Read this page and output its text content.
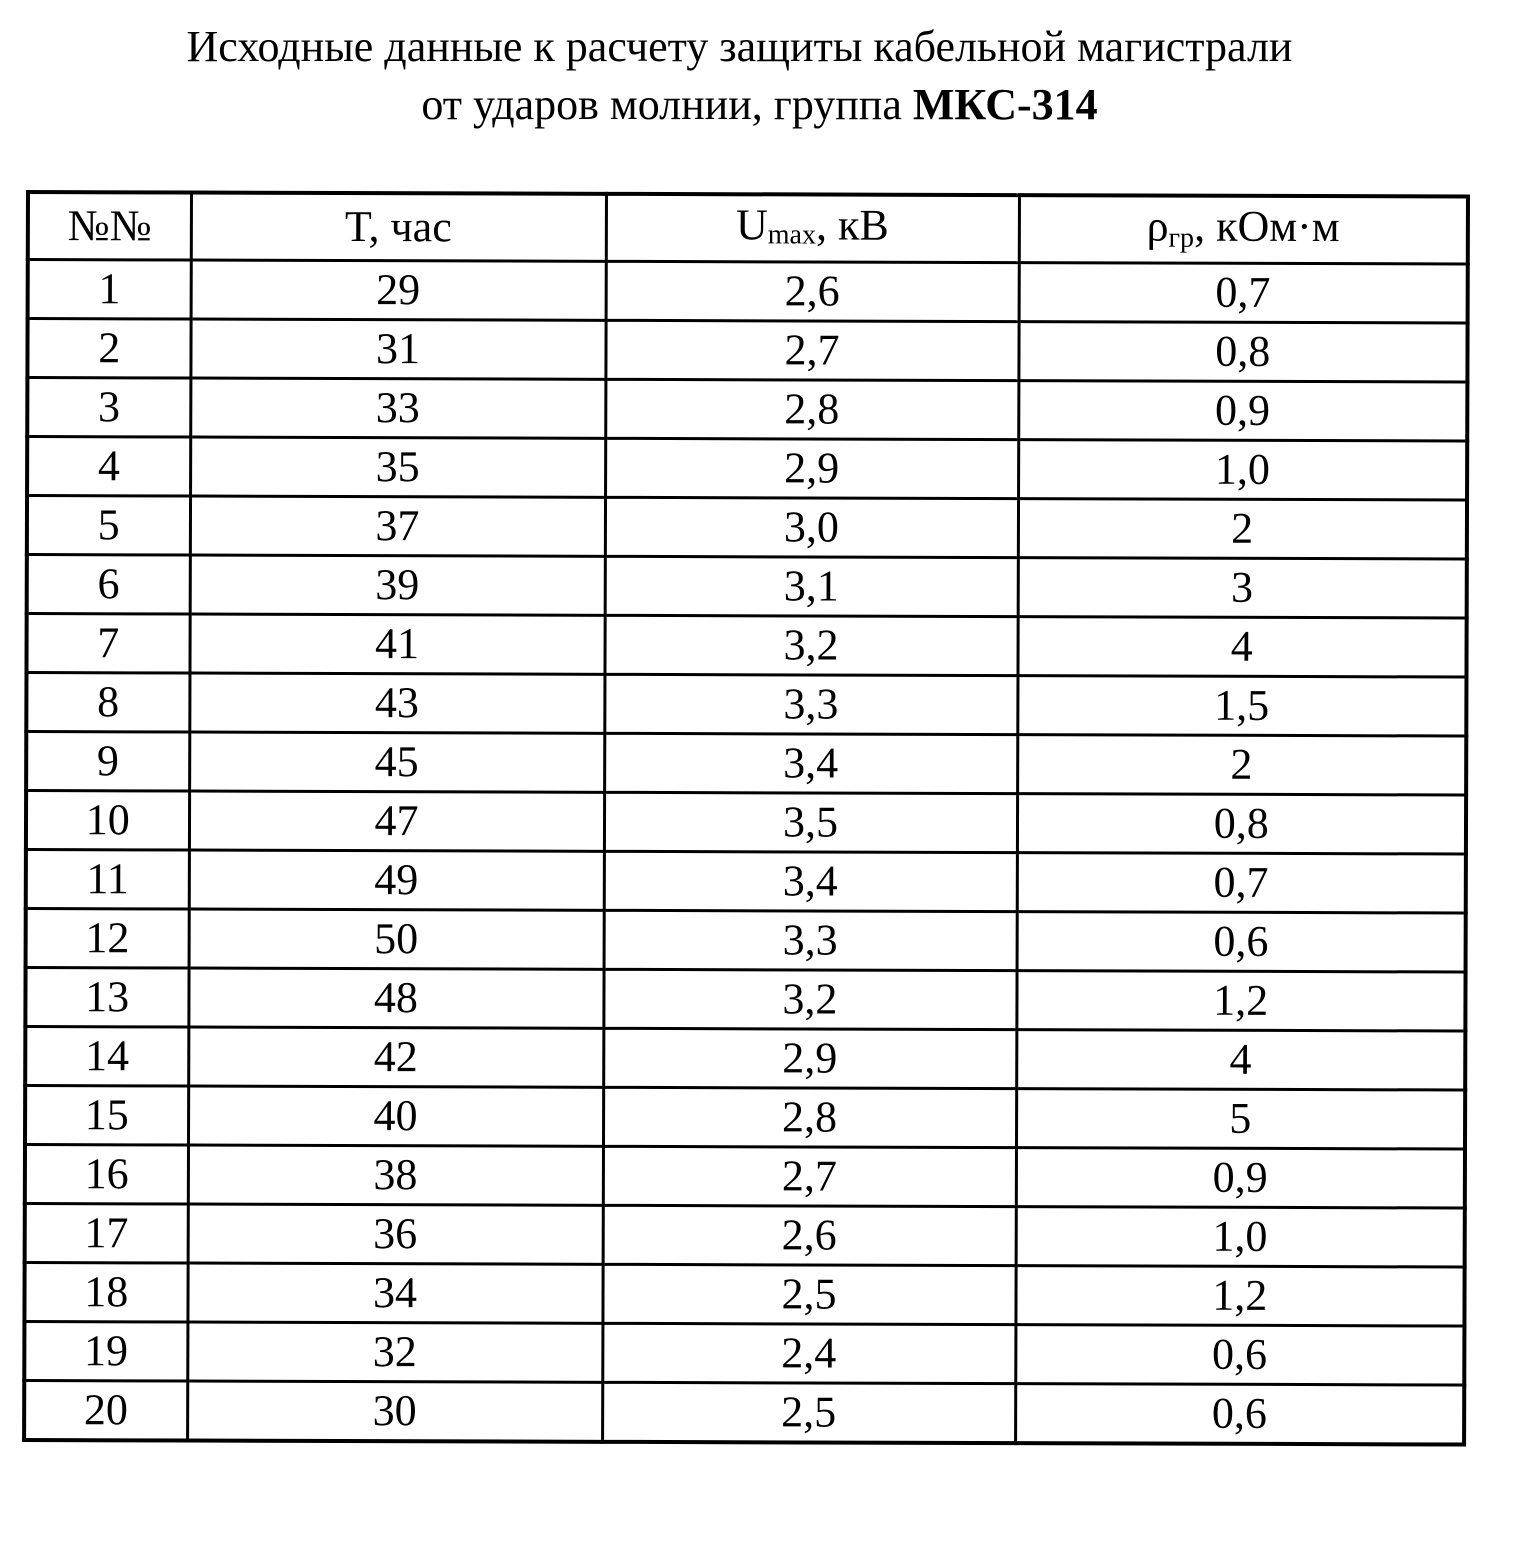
Исходные данные к расчету защиты кабельной магистрали
от ударов молнии, группа МКС-314
№№	T, час	Umax, кВ	ρгр, кОм·м
1	29	2,6	0,7
2	31	2,7	0,8
3	33	2,8	0,9
4	35	2,9	1,0
5	37	3,0	2
6	39	3,1	3
7	41	3,2	4
8	43	3,3	1,5
9	45	3,4	2
10	47	3,5	0,8
11	49	3,4	0,7
12	50	3,3	0,6
13	48	3,2	1,2
14	42	2,9	4
15	40	2,8	5
16	38	2,7	0,9
17	36	2,6	1,0
18	34	2,5	1,2
19	32	2,4	0,6
20	30	2,5	0,6
